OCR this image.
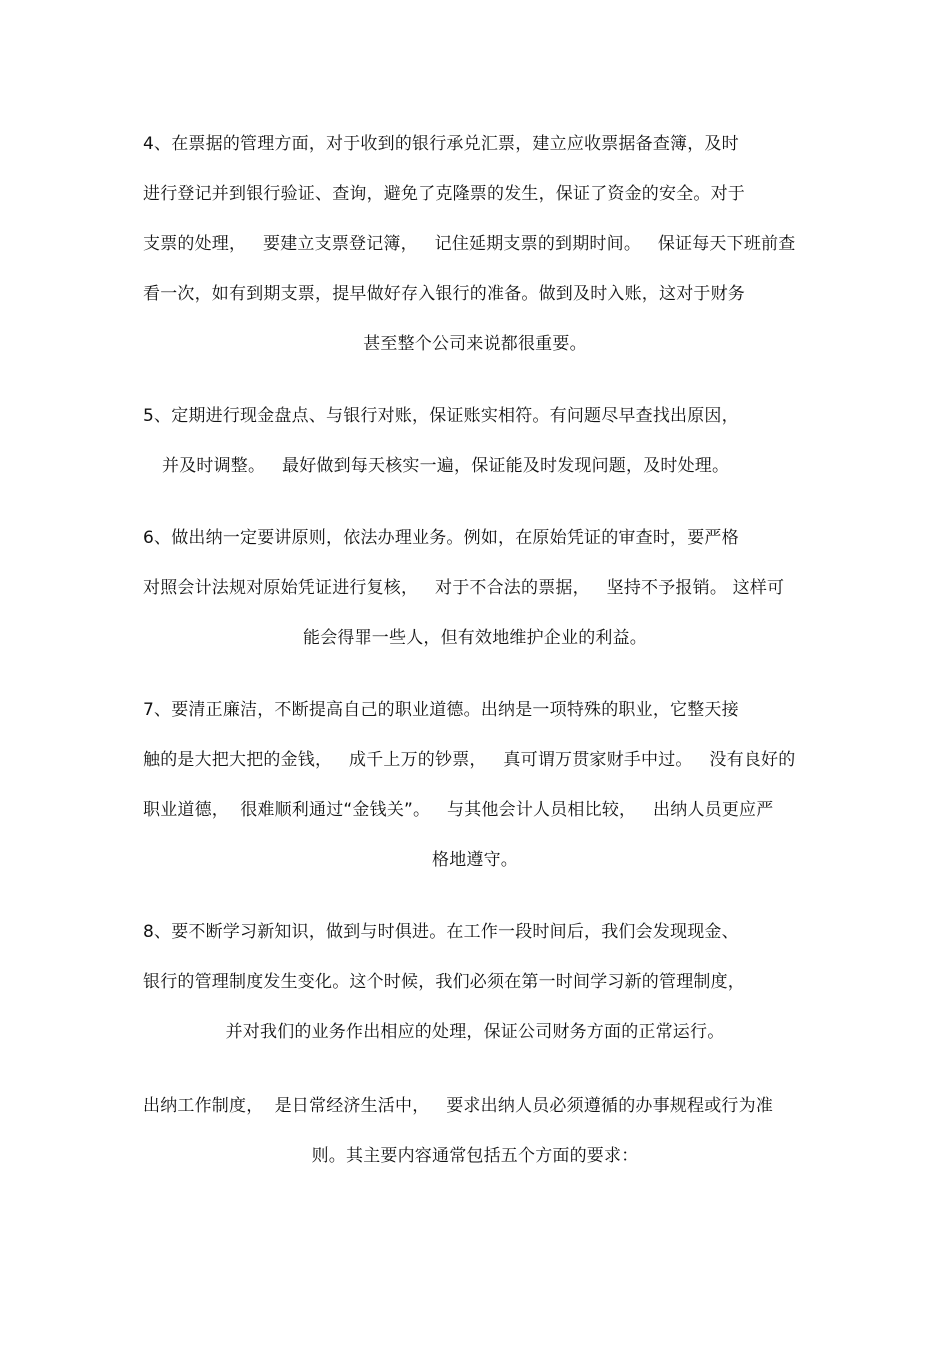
4、在票据的管理方面，对于收到的银行承兑汇票，建立应收票据备查簿，及时
进行登记并到银行验证、查询，避免了克隆票的发生，保证了资金的安全。对于
支票的处理，   要建立支票登记簿，   记住延期支票的到期时间。   保证每天下班前查
看一次，如有到期支票，提早做好存入银行的准备。做到及时入账，这对于财务
甚至整个公司来说都很重要。
5、定期进行现金盘点、与银行对账，保证账实相符。有问题尽早查找出原因，
并及时调整。   最好做到每天核实一遍，保证能及时发现问题，及时处理。
6、做出纳一定要讲原则，依法办理业务。例如，在原始凭证的审查时，要严格
对照会计法规对原始凭证进行复核，   对于不合法的票据，   坚持不予报销。 这样可
能会得罪一些人，但有效地维护企业的利益。
7、要清正廉洁，不断提高自己的职业道德。出纳是一项特殊的职业，它整天接
触的是大把大把的金钱，   成千上万的钞票，   真可谓万贯家财手中过。   没有良好的
职业道德，  很难顺利通过“金钱关”。   与其他会计人员相比较，   出纳人员更应严
格地遵守。
8、要不断学习新知识，做到与时俱进。在工作一段时间后，我们会发现现金、
银行的管理制度发生变化。这个时候，我们必须在第一时间学习新的管理制度，
并对我们的业务作出相应的处理，保证公司财务方面的正常运行。
出纳工作制度，  是日常经济生活中，   要求出纳人员必须遵循的办事规程或行为准
则。其主要内容通常包括五个方面的要求：
